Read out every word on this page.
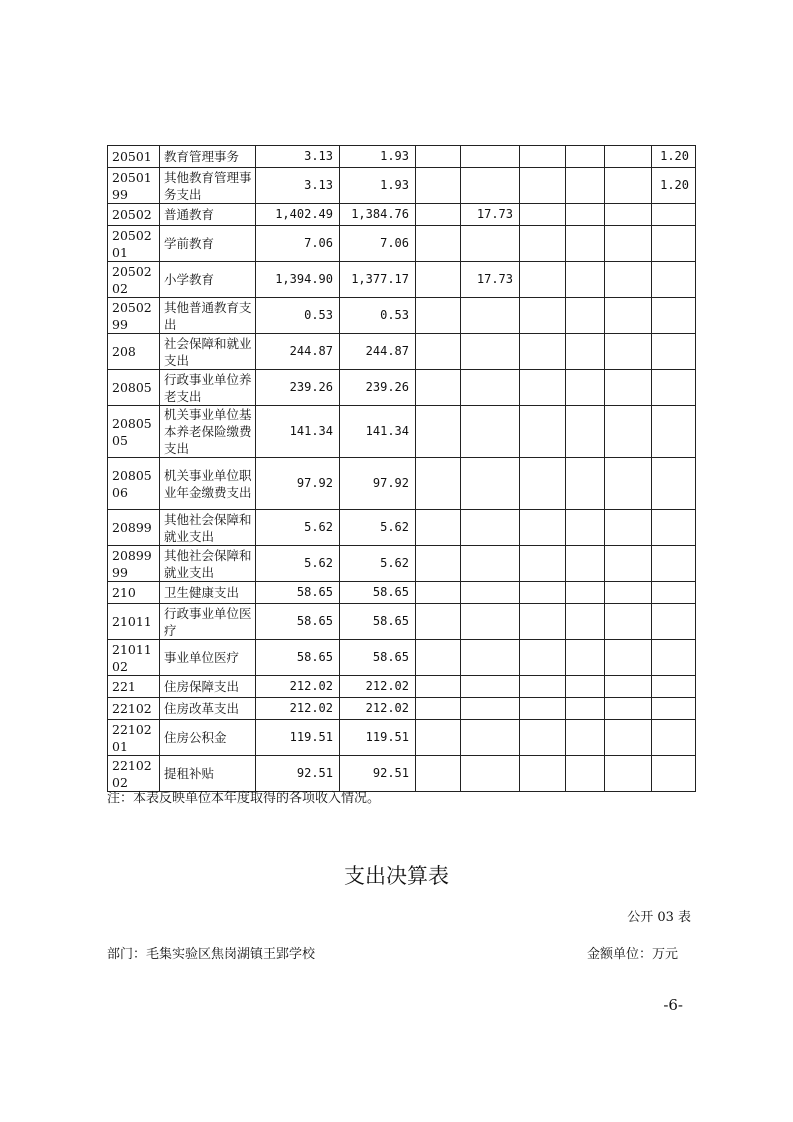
20501	教育管理事务	3.13	1.93						1.20
2050199	其他教育管理事务支出	3.13	1.93						1.20
20502	普通教育	1,402.49	1,384.76		17.73				
2050201	学前教育	7.06	7.06						
2050202	小学教育	1,394.90	1,377.17		17.73				
2050299	其他普通教育支出	0.53	0.53						
208	社会保障和就业支出	244.87	244.87						
20805	行政事业单位养老支出	239.26	239.26						
2080505	机关事业单位基本养老保险缴费支出	141.34	141.34						
2080506	机关事业单位职业年金缴费支出	97.92	97.92						
20899	其他社会保障和就业支出	5.62	5.62						
2089999	其他社会保障和就业支出	5.62	5.62						
210	卫生健康支出	58.65	58.65						
21011	行政事业单位医疗	58.65	58.65						
2101102	事业单位医疗	58.65	58.65						
221	住房保障支出	212.02	212.02						
22102	住房改革支出	212.02	212.02						
2210201	住房公积金	119.51	119.51						
2210202	提租补贴	92.51	92.51						

注：本表反映单位本年度取得的各项收入情况。

支出决算表
公开 03 表
部门：毛集实验区焦岗湖镇王郢学校	金额单位：万元
-6-
